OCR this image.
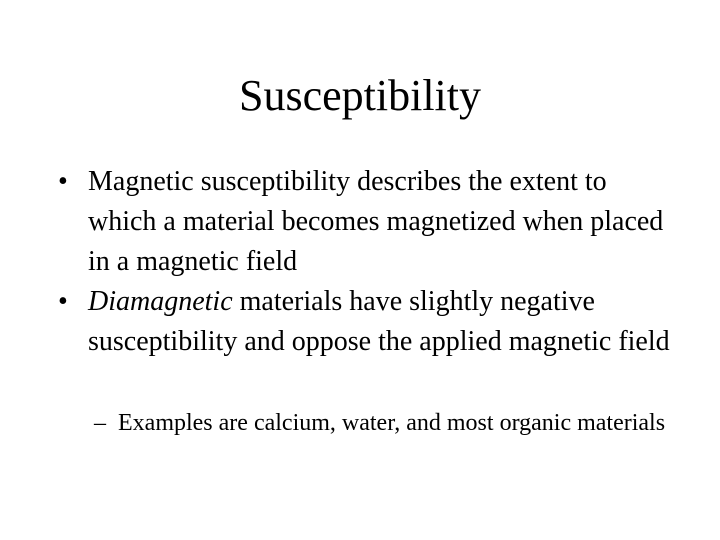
Susceptibility
• Magnetic susceptibility describes the extent to which a material becomes magnetized when placed in a magnetic field
• Diamagnetic materials have slightly negative susceptibility and oppose the applied magnetic field
– Examples are calcium, water, and most organic materials
